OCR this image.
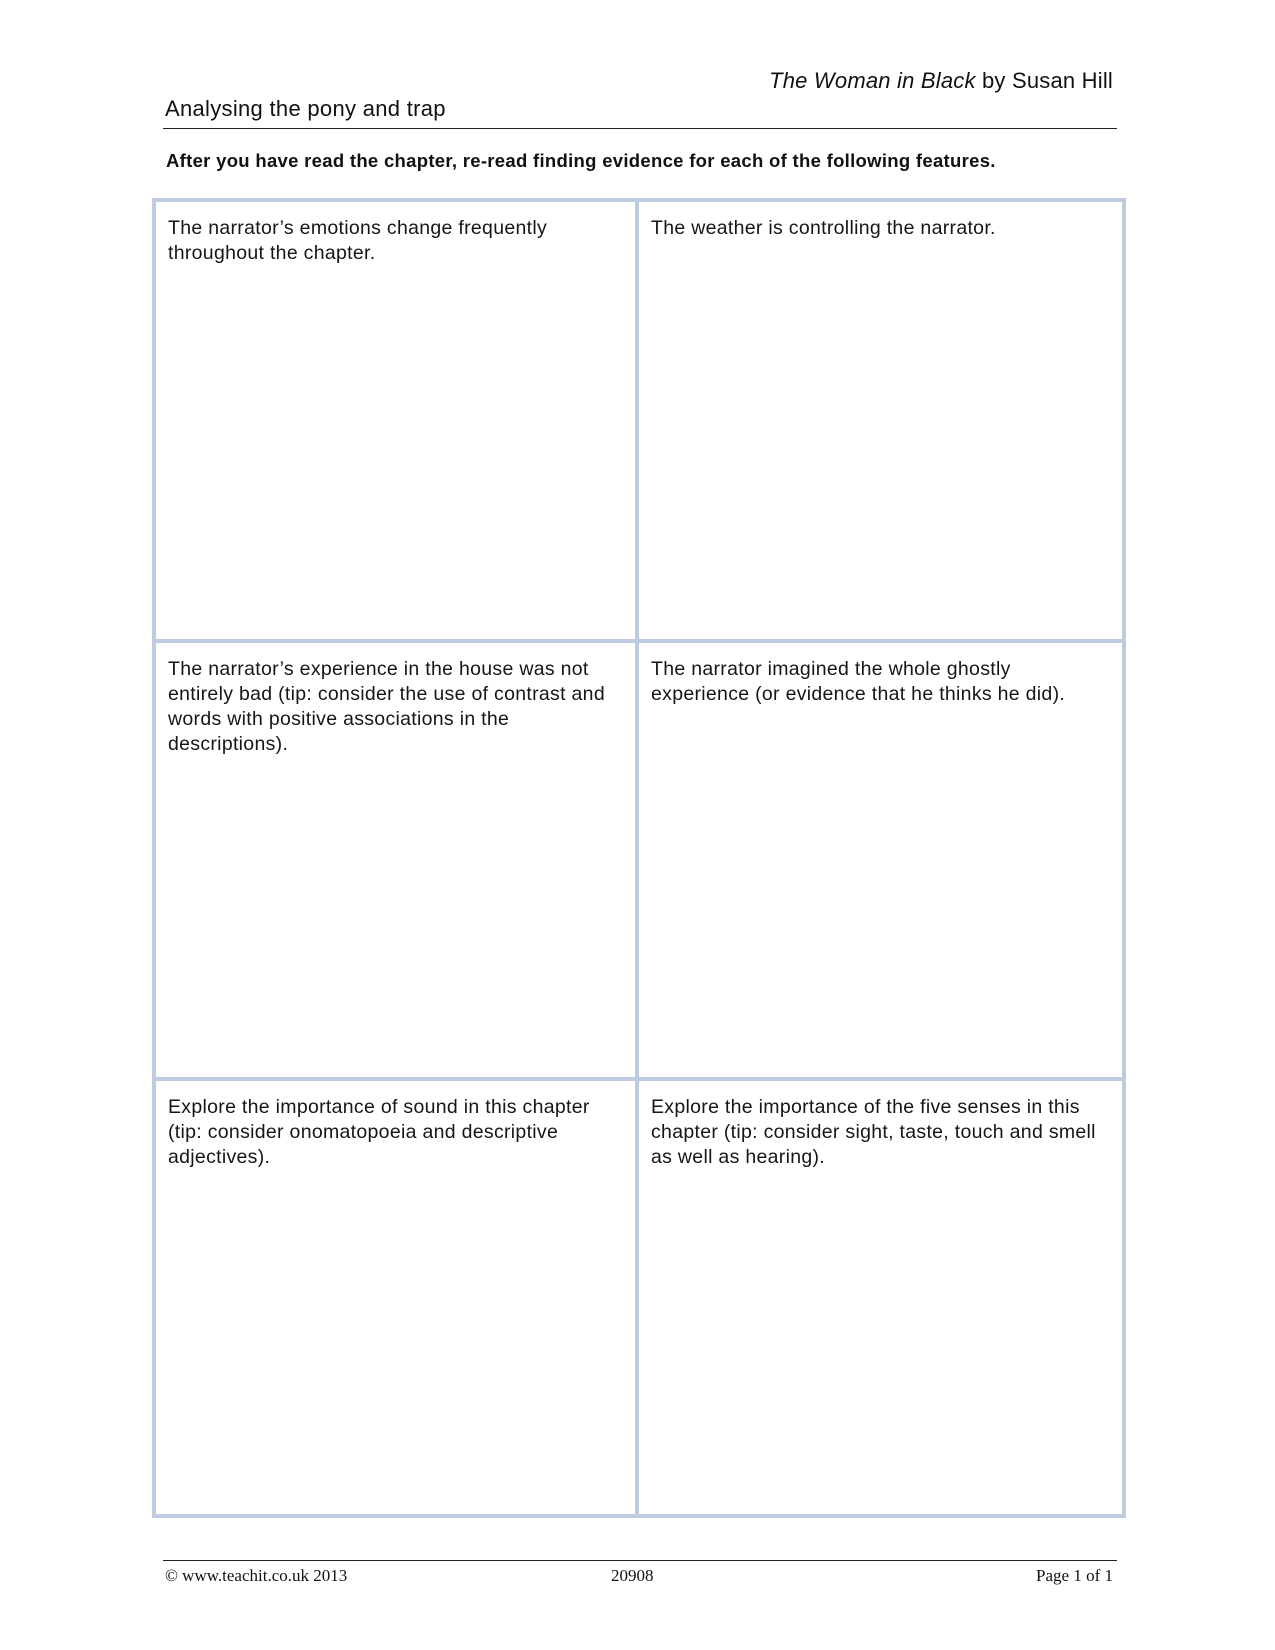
The Woman in Black by Susan Hill
Analysing the pony and trap
After you have read the chapter, re-read finding evidence for each of the following features.
The narrator’s emotions change frequently throughout the chapter.
The weather is controlling the narrator.
The narrator’s experience in the house was not entirely bad (tip: consider the use of contrast and words with positive associations in the descriptions).
The narrator imagined the whole ghostly experience (or evidence that he thinks he did).
Explore the importance of sound in this chapter (tip: consider onomatopoeia and descriptive adjectives).
Explore the importance of the five senses in this chapter (tip: consider sight, taste, touch and smell as well as hearing).
© www.teachit.co.uk 2013	20908	Page 1 of 1
